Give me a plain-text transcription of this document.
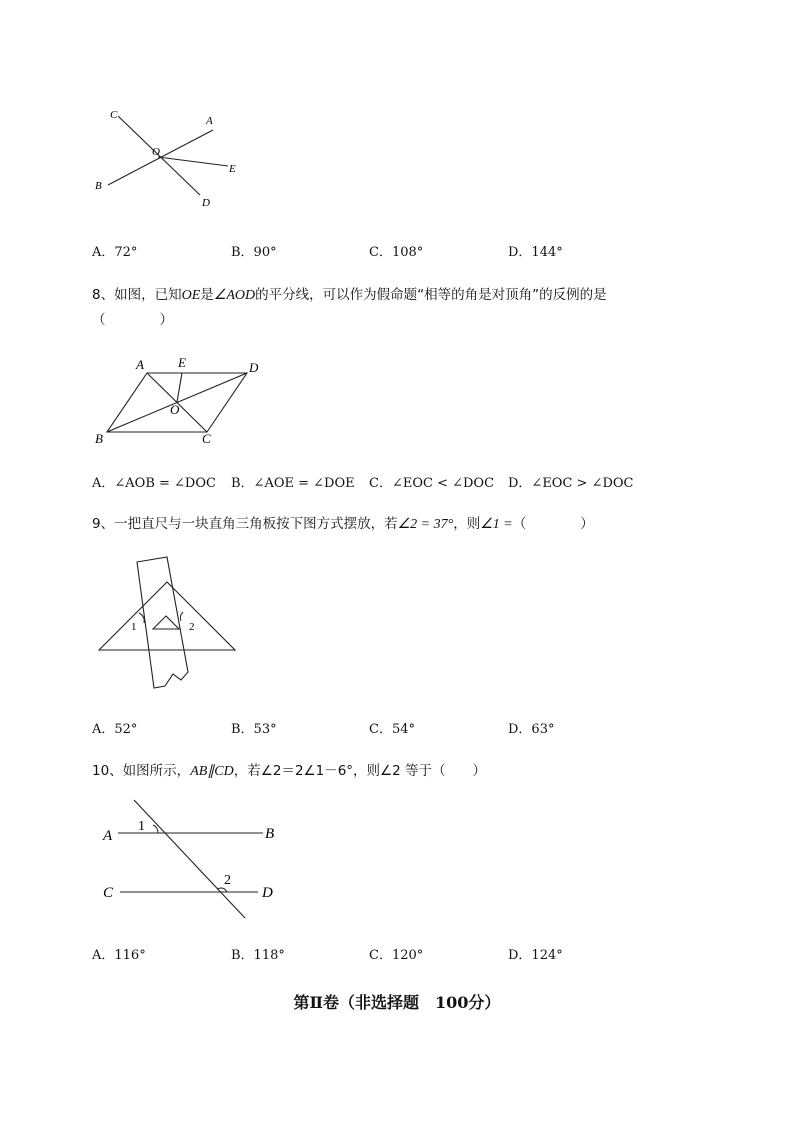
C	A
O
E
B
D
A．72°	B．90°	C．108°	D．144°
8、如图，已知OE是∠AOD的平分线，可以作为假命题“相等的角是对顶角”的反例的是
（　　　　）
A	E	D
O
B	C
A．∠AOB = ∠DOC B．∠AOE = ∠DOE C．∠EOC < ∠DOC D．∠EOC > ∠DOC
9、一把直尺与一块直角三角板按下图方式摆放，若∠2 = 37°，则∠1 =（　　　　）
1	2
A．52°	B．53°	C．54°	D．63°
10、如图所示，AB∥CD，若∠2＝2∠1－6°，则∠2 等于（　　）
A	B
C	D
1
2
A．116°	B．118°	C．120°	D．124°
第Ⅱ卷（非选择题　100分）
